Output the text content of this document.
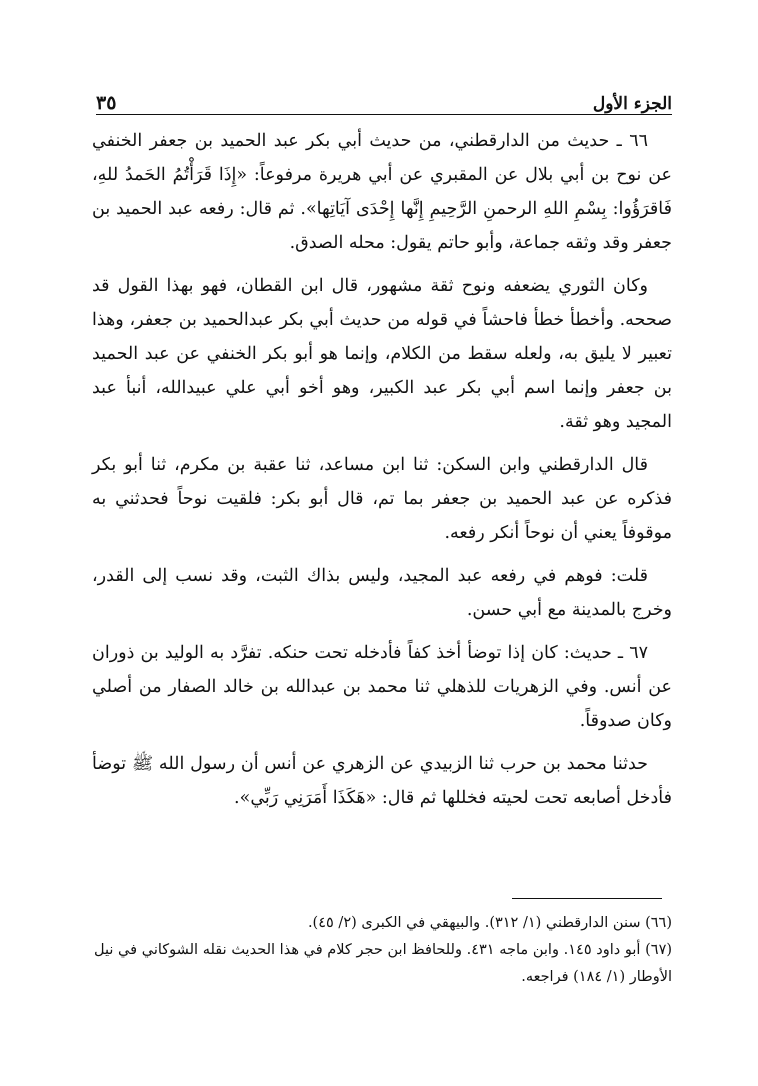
الجزء الأول
٣٥

٦٦ ـ حديث من الدارقطني، من حديث أبي بكر عبد الحميد بن جعفر الخنفي عن نوح بن أبي بلال عن المقبري عن أبي هريرة مرفوعاً: «إِذَا قَرَأْتُمُ الحَمدُ للهِ، فَاقرَؤُوا: بِسْمِ اللهِ الرحمنِ الرَّحِيمِ إِنَّها إِحْدَى آيَاتِها». ثم قال: رفعه عبد الحميد بن جعفر وقد وثقه جماعة، وأبو حاتم يقول: محله الصدق.

وكان الثوري يضعفه ونوح ثقة مشهور، قال ابن القطان، فهو بهذا القول قد صححه. وأخطأ خطأ فاحشاً في قوله من حديث أبي بكر عبدالحميد بن جعفر، وهذا تعبير لا يليق به، ولعله سقط من الكلام، وإنما هو أبو بكر الخنفي عن عبد الحميد بن جعفر وإنما اسم أبي بكر عبد الكبير، وهو أخو أبي علي عبيدالله، أنبأ عبد المجيد وهو ثقة.

قال الدارقطني وابن السكن: ثنا ابن مساعد، ثنا عقبة بن مكرم، ثنا أبو بكر فذكره عن عبد الحميد بن جعفر بما تم، قال أبو بكر: فلقيت نوحاً فحدثني به موقوفاً يعني أن نوحاً أنكر رفعه.

قلت: فوهم في رفعه عبد المجيد، وليس بذاك الثبت، وقد نسب إلى القدر، وخرج بالمدينة مع أبي حسن.

٦٧ ـ حديث: كان إذا توضأ أخذ كفاً فأدخله تحت حنكه. تفرَّد به الوليد بن ذوران عن أنس. وفي الزهريات للذهلي ثنا محمد بن عبدالله بن خالد الصفار من أصلي وكان صدوقاً.

حدثنا محمد بن حرب ثنا الزبيدي عن الزهري عن أنس أن رسول الله ﷺ توضأ فأدخل أصابعه تحت لحيته فخللها ثم قال: «هَكَذَا أَمَرَنِي رَبِّي».

(٦٦) سنن الدارقطني (١/ ٣١٢). والبيهقي في الكبرى (٢/ ٤٥).

(٦٧) أبو داود ١٤٥. وابن ماجه ٤٣١. وللحافظ ابن حجر كلام في هذا الحديث نقله الشوكاني في نيل الأوطار (١/ ١٨٤) فراجعه.
